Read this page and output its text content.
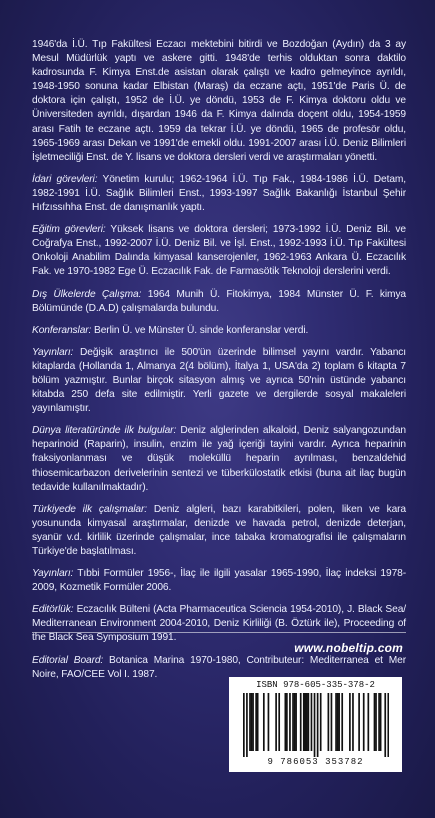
1946'da İ.Ü. Tıp Fakültesi Eczacı mektebini bitirdi ve Bozdoğan (Aydın) da 3 ay Mesul Müdürlük yaptı ve askere gitti. 1948'de terhis olduktan sonra daktilo kadrosunda F. Kimya Enst.de asistan olarak çalıştı ve kadro gelmeyince ayrıldı, 1948-1950 sonuna kadar Elbistan (Maraş) da eczane açtı, 1951'de Paris Ü. de doktora için çalıştı, 1952 de İ.Ü. ye döndü, 1953 de F. Kimya doktoru oldu ve Üniversiteden ayrıldı, dışardan 1946 da F. Kimya dalında doçent oldu, 1954-1959 arası Fatih te eczane açtı. 1959 da tekrar İ.Ü. ye döndü, 1965 de profesör oldu, 1965-1969 arası Dekan ve 1991'de emekli oldu. 1991-2007 arası İ.Ü. Deniz Bilimleri İşletmeciliği Enst. de Y. lisans ve doktora dersleri verdi ve araştırmaları yönetti.

İdari görevleri: Yönetim kurulu; 1962-1964 İ.Ü. Tıp Fak., 1984-1986 İ.Ü. Detam, 1982-1991 İ.Ü. Sağlık Bilimleri Enst., 1993-1997 Sağlık Bakanlığı İstanbul Şehir Hıfzıssıhha Enst. de danışmanlık yaptı.

Eğitim görevleri: Yüksek lisans ve doktora dersleri; 1973-1992 İ.Ü. Deniz Bil. ve Coğrafya Enst., 1992-2007 İ.Ü. Deniz Bil. ve İşl. Enst., 1992-1993 İ.Ü. Tıp Fakültesi Onkoloji Anabilim Dalında kimyasal kanserojenler, 1962-1963 Ankara Ü. Eczacılık Fak. ve 1970-1982 Ege Ü. Eczacılık Fak. de Farmasötik Teknoloji derslerini verdi.

Dış Ülkelerde Çalışma: 1964 Munih Ü. Fitokimya, 1984 Münster Ü. F. kimya Bölümünde (D.A.D) çalışmalarda bulundu.

Konferanslar: Berlin Ü. ve Münster Ü. sinde konferanslar verdi.

Yayınları: Değişik araştırıcı ile 500'ün üzerinde bilimsel yayını vardır. Yabancı kitaplarda (Hollanda 1, Almanya 2(4 bölüm), İtalya 1, USA'da 2) toplam 6 kitapta 7 bölüm yazmıştır. Bunlar birçok sitasyon almış ve ayrıca 50'nin üstünde yabancı kitabda 250 defa site edilmiştir. Yerli gazete ve dergilerde sosyal makaleleri yayınlamıştır.

Dünya literatüründe ilk bulgular: Deniz alglerinden alkaloid, Deniz salyangozundan heparinoid (Raparin), insulin, enzim ile yağ içeriği tayini vardır. Ayrıca heparinin fraksiyonlanması ve düşük moleküllü heparin ayrılması, benzaldehid thiosemicarbazon derivelerinin sentezi ve tüberkülostatik etkisi (buna ait ilaç bugün tedavide kullanılmaktadır).

Türkiyede ilk çalışmalar: Deniz algleri, bazı karabitkileri, polen, liken ve kara yosununda kimyasal araştırmalar, denizde ve havada petrol, denizde deterjan, syanür v.d. kirlilik üzerinde çalışmalar, ince tabaka kromatografisi ile çalışmaların Türkiye'de başlatılması.

Yayınları: Tıbbi Formüler 1956-, İlaç ile ilgili yasalar 1965-1990, İlaç indeksi 1978-2009, Kozmetik Formüler 2006.

Editörlük: Eczacılık Bülteni (Acta Pharmaceutica Sciencia 1954-2010), J. Black Sea/ Mediterranean Environment 2004-2010, Deniz Kirliliği (B. Öztürk ile), Proceeding of the Black Sea Symposium 1991.

Editorial Board: Botanica Marina 1970-1980, Contributeur: Mediterranea et Mer Noire, FAO/CEE Vol I. 1987.

www.nobeltip.com
ISBN 978-605-335-378-2
9 786053 353782
